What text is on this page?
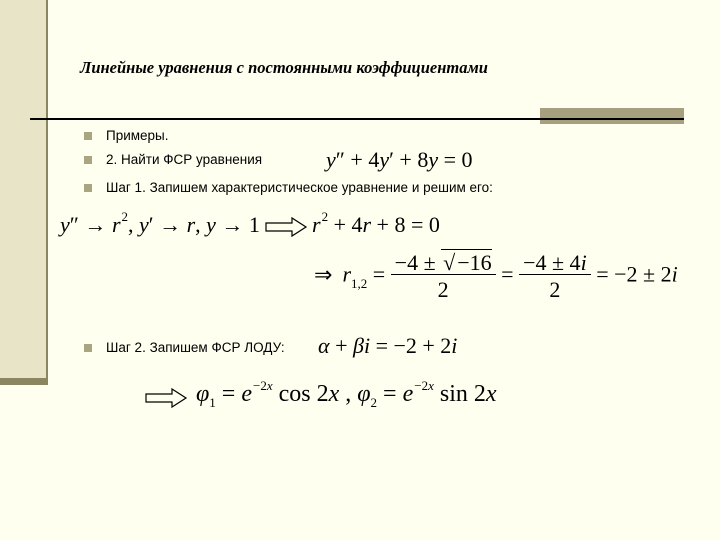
Линейные уравнения с постоянными коэффициентами
Примеры.
2. Найти ФСР уравнения	y″ + 4y′ + 8y = 0
Шаг 1. Запишем характеристическое уравнение и решим его:
$y'' \to r^2$, y′ → r, y → 1 $r^2 + 4r + 8 = 0$
⇒ $r_{1,2} = \frac{-4 \pm √-16}{2} = \frac{-4 \pm 4i}{2} = -2 \pm 2i$
Шаг 2. Запишем ФСР ЛОДУ: α + βi = −2 + 2i
$\varphi_1 = e^{-2x}$ cos 2x , $\varphi_2 = e^{-2x}$ sin 2x
